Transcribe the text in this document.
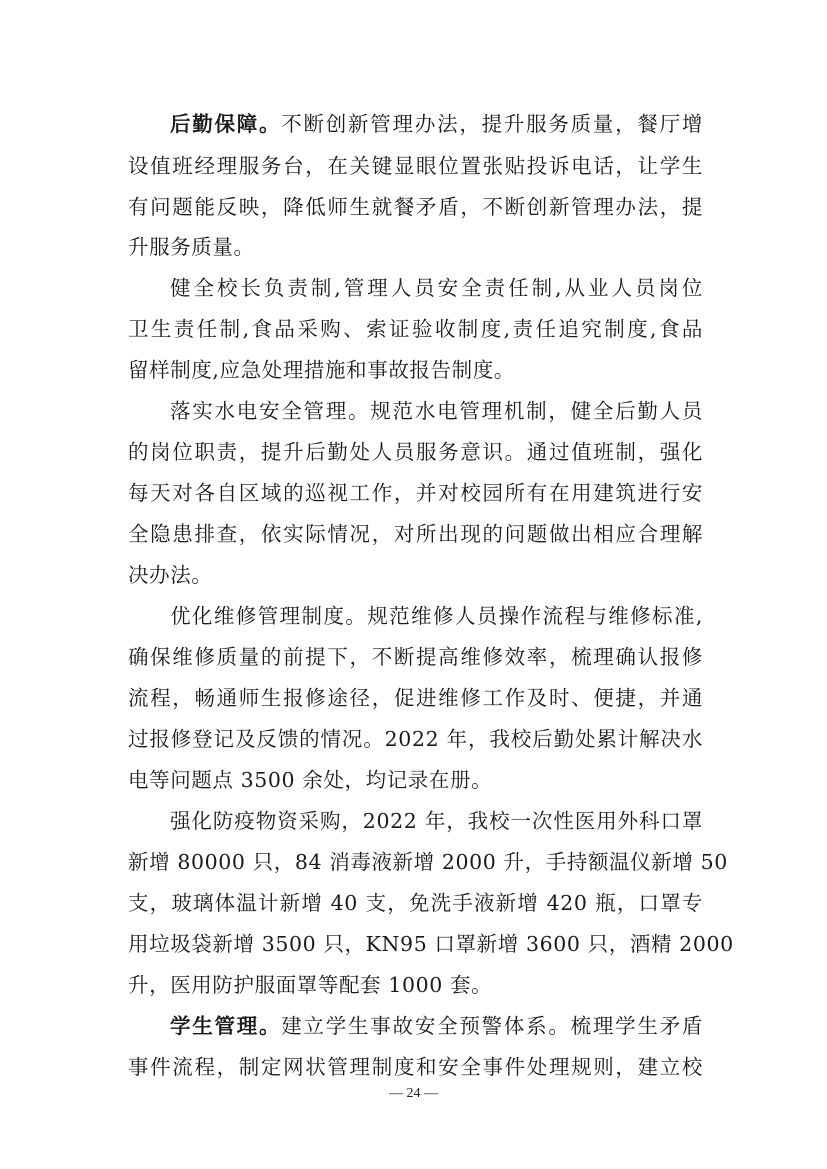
后勤保障。不断创新管理办法，提升服务质量，餐厅增
设值班经理服务台，在关键显眼位置张贴投诉电话，让学生
有问题能反映，降低师生就餐矛盾，不断创新管理办法，提
升服务质量。
健全校长负责制,管理人员安全责任制,从业人员岗位
卫生责任制,食品采购、索证验收制度,责任追究制度,食品
留样制度,应急处理措施和事故报告制度。
落实水电安全管理。规范水电管理机制，健全后勤人员
的岗位职责，提升后勤处人员服务意识。通过值班制，强化
每天对各自区域的巡视工作，并对校园所有在用建筑进行安
全隐患排查，依实际情况，对所出现的问题做出相应合理解
决办法。
优化维修管理制度。规范维修人员操作流程与维修标准,
确保维修质量的前提下，不断提高维修效率，梳理确认报修
流程，畅通师生报修途径，促进维修工作及时、便捷，并通
过报修登记及反馈的情况。2022 年，我校后勤处累计解决水
电等问题点 3500 余处，均记录在册。
强化防疫物资采购，2022 年，我校一次性医用外科口罩
新增 80000 只，84 消毒液新增 2000 升，手持额温仪新增 50
支，玻璃体温计新增 40 支，免洗手液新增 420 瓶，口罩专
用垃圾袋新增 3500 只，KN95 口罩新增 3600 只，酒精 2000
升，医用防护服面罩等配套 1000 套。
学生管理。建立学生事故安全预警体系。梳理学生矛盾
事件流程，制定网状管理制度和安全事件处理规则，建立校
— 24 —
